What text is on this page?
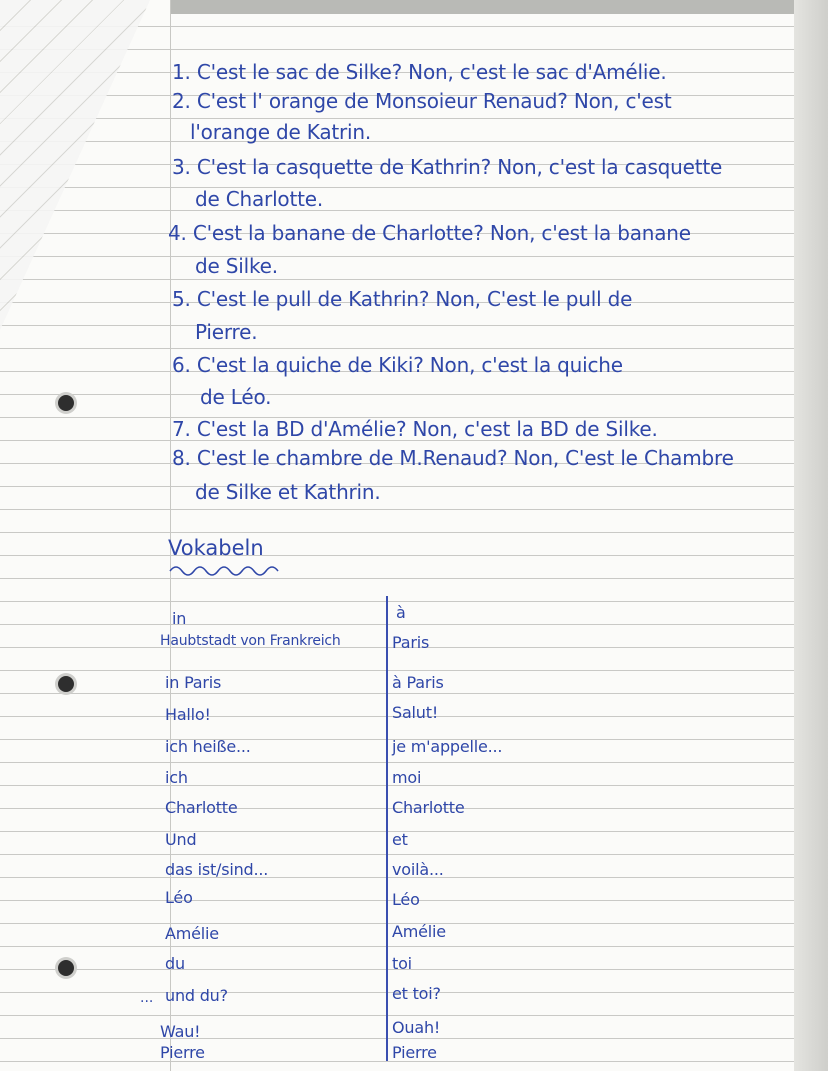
1. C'est le sac de Silke? Non, c'est le sac d'Amélie.
2. C'est l' orange de Monsoieur Renaud? Non, c'est
l'orange de Katrin.
3. C'est la casquette de Kathrin? Non, c'est la casquette
de Charlotte.
4. C'est la banane de Charlotte? Non, c'est la banane
de Silke.
5. C'est le pull de Kathrin? Non, C'est le pull de
Pierre.
6. C'est la quiche de Kiki? Non, c'est la quiche
de Léo.
7. C'est la BD d'Amélie? Non, c'est la BD de Silke.
8. C'est le chambre de M.Renaud? Non, C'est le Chambre
de Silke et Kathrin.
Vokabeln
in	à
Haubtstadt von Frankreich	Paris
in Paris	à Paris
Hallo!	Salut!
ich heiße...	je m'appelle...
ich	moi
Charlotte	Charlotte
Und	et
das ist/sind...	voilà...
Léo	Léo
Amélie	Amélie
du	toi
und du?	et toi?
Wau!	Ouah!
Pierre	Pierre
...
